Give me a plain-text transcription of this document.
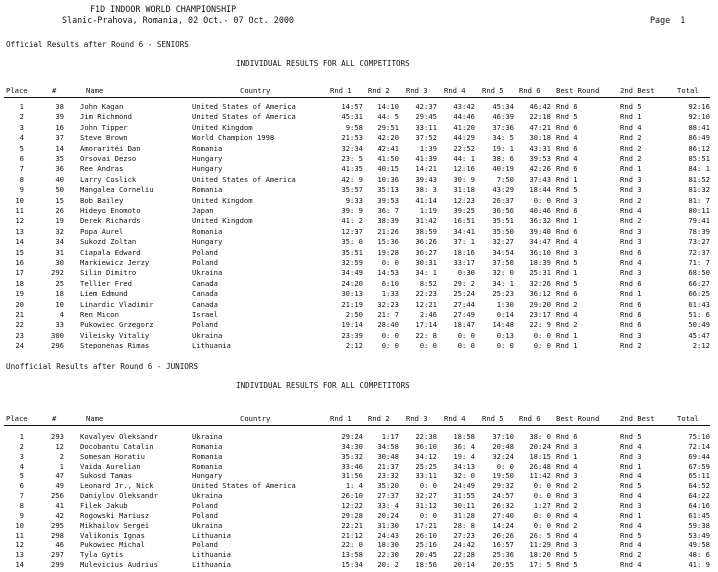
F1D INDOOR WORLD CHAMPIONSHIP
Slanic-Prahova, Romania, 02 Oct.- 07 Oct. 2000	Page  1
Official Results after Round 6 - SENIORS
INDIVIDUAL RESULTS FOR ALL COMPETITORS
Place	#	Name	Country	Rnd 1 Rnd 2 Rnd 3 Rnd 4 Rnd 5 Rnd 6 Best Round	2nd Best	Total
1	38 John Kagan	United States of America	14:57	14:10	42:37	43:42	45:34	46:42 Rnd 6	Rnd 5	92:16
2	39 Jim Richmond	United States of America	45:31	44: 5	29:45	44:46	46:39	22:18 Rnd 5	Rnd 1	92:10
3	16 John Tipper	United Kingdom	9:58	29:51	33:11	41:20	37:36	47:21 Rnd 6	Rnd 4	88:41
4	37 Steve Brown	World Champion 1998	21:53	42:20	37:52	44:29	34: 5	30:18 Rnd 4	Rnd 2	86:49
5	14 Amoraritéi Dan	Romania	32:34	42:41	1:39	22:52	19: 1	43:31 Rnd 6	Rnd 2	86:12
6	35 Orsovai Dezso	Hungary	23: 5	41:50	41:39	44: 1	38: 6	39:53 Rnd 4	Rnd 2	85:51
7	36 Ree Andras	Hungary	41:35	40:15	14:21	12:16	40:19	42:26 Rnd 6	Rnd 1	84: 1
8	40 Larry Coslick	United States of America	42: 9	10:36	39:43	30: 9	7:50	37:43 Rnd 1	Rnd 3	81:52
9	50 Mangalea Corneliu	Romania	35:57	35:13	38: 3	31:18	43:29	18:44 Rnd 5	Rnd 3	81:32
10	15 Bob Bailey	United Kingdom	9:33	39:53	41:14	12:23	26:37	0: 0 Rnd 3	Rnd 2	81: 7
11	26 Hideyo Enomoto	Japan	39: 9	36: 7	1:19	39:25	36:56	40:46 Rnd 6	Rnd 4	80:11
12	19 Derek Richards	United Kingdom	41: 2	38:39	31:42	16:51	35:51	36:32 Rnd 1	Rnd 2	79:41
13	32 Popa Aurel	Romania	12:37	21:26	38:59	34:41	35:50	39:40 Rnd 6	Rnd 3	78:39
14	34 Sukozd Zoltan	Hungary	35: 0	15:36	36:26	37: 1	32:27	34:47 Rnd 4	Rnd 3	73:27
15	31 Ciapala Edward	Poland	35:51	19:28	36:27	18:16	34:54	36:10 Rnd 3	Rnd 6	72:37
16	30 Markiewicz Jerzy	Poland	32:59	0: 0	30:31	33:17	37:50	18:39 Rnd 5	Rnd 4	71: 7
17	292 Silin Dimitro	Ukraina	34:49	14:53	34: 1	0:30	32: 0	25:31 Rnd 1	Rnd 3	68:50
18	25 Tellier Fred	Canada	24:20	6:10	8:52	29: 2	34: 1	32:26 Rnd 5	Rnd 6	66:27
19	18 Liem Edmund	Canada	30:13	1:33	22:23	25:24	25:23	36:12 Rnd 6	Rnd 1	66:25
20	10 Linardic Vladimir	Canada	21:19	32:23	12:21	27:44	1:30	29:20 Rnd 2	Rnd 6	61:43
21	4 Ren Micon	Israel	2:50	21: 7	2:46	27:49	0:14	23:17 Rnd 4	Rnd 6	51: 6
22	33 Pukowiec Grzegorz	Poland	19:14	28:40	17:14	18:47	14:48	22: 9 Rnd 2	Rnd 6	50:49
23	300 Vileisky Vitaliy	Ukraina	23:39	0: 0	22: 8	0: 0	0:13	0: 0 Rnd 1	Rnd 3	45:47
24	296 Steponenas Rimas	Lithuania	2:12	0: 0	0: 0	0: 0	0: 0	0: 0 Rnd 1	Rnd 2	2:12
Unofficial Results after Round 6 - JUNIORS
INDIVIDUAL RESULTS FOR ALL COMPETITORS
Place	#	Name	Country	Rnd 1 Rnd 2 Rnd 3 Rnd 4 Rnd 5 Rnd 6 Best Round	2nd Best	Total
1	293 Kovalyev Oleksandr	Ukraina	29:24	1:17	22:38	18:58	37:10	38: 0 Rnd 6	Rnd 5	75:10
2	12 Docobantu Catalin	Romania	34:30	34:58	36:10	36: 4	20:48	20:24 Rnd 3	Rnd 4	72:14
3	2 Somesan Horatiu	Romania	35:32	30:48	34:12	19: 4	32:24	18:15 Rnd 1	Rnd 3	69:44
4	1 Vaida Aurelian	Romania	33:46	21:37	25:25	34:13	0: 0	26:48 Rnd 4	Rnd 1	67:59
5	47 Sukosd Tamas	Hungary	31:56	23:32	33:11	32: 0	19:50	11:42 Rnd 3	Rnd 4	65:11
6	49 Leonard Jr., Nick	United States of America	1: 4	35:20	0: 0	24:49	29:32	0: 0 Rnd 2	Rnd 5	64:52
7	256 Daniylov Oleksandr	Ukraina	26:10	27:37	32:27	31:55	24:57	0: 0 Rnd 3	Rnd 4	64:22
8	41 Filek Jakub	Poland	12:22	33: 4	31:12	30:11	26:32	1:27 Rnd 2	Rnd 3	64:16
9	42 Rogowski Mariusz	Poland	29:28	20:24	0: 0	31:28	27:40	0: 0 Rnd 4	Rnd 1	61:45
10	295 Mikhailov Sergei	Ukraina	22:21	31:30	17:21	28: 8	14:24	0: 0 Rnd 2	Rnd 4	59:38
11	298 Valikonis Ignas	Lithuania	21:12	24:43	26:10	27:23	26:26	26: 5 Rnd 4	Rnd 5	53:49
12	46 Pukowiec Michal	Poland	22: 0	18:30	25:16	24:42	16:57	11:29 Rnd 3	Rnd 4	49:58
13	297 Tyla Gytis	Lithuania	13:58	22:30	20:45	22:28	25:36	18:20 Rnd 5	Rnd 2	48: 6
14	299 Mulevicius Audrius	Lithuania	15:34	20: 2	18:56	20:14	20:55	17: 5 Rnd 5	Rnd 4	41: 9
